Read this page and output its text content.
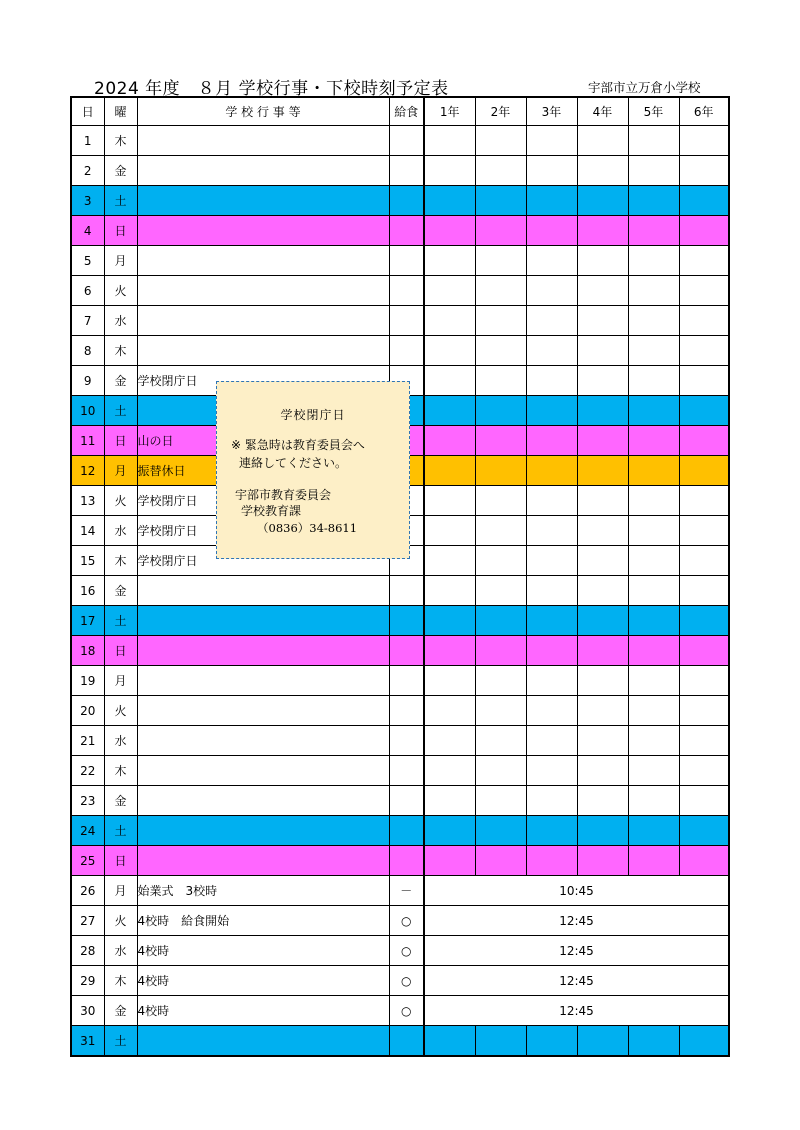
2024 年度　８月 学校行事・下校時刻予定表	宇部市立万倉小学校
日	曜	学 校 行 事 等	給食	1年	2年	3年	4年	5年	6年
1	木								
2	金								
3	土								
4	日								
5	月								
6	火								
7	水								
8	木								
9	金	学校閉庁日							
10	土								
11	日	山の日							
12	月	振替休日							
13	火	学校閉庁日							
14	水	学校閉庁日							
15	木	学校閉庁日							
16	金								
17	土								
18	日								
19	月								
20	火								
21	水								
22	木								
23	金								
24	土								
25	日								
26	月	始業式　3校時	－	10:45					
27	火	4校時　給食開始	○	12:45					
28	水	4校時	○	12:45					
29	木	4校時	○	12:45					
30	金	4校時	○	12:45					
31	土								
学校閉庁日
※ 緊急時は教育委員会へ
連絡してください。
宇部市教育委員会
学校教育課
（0836）34-8611
